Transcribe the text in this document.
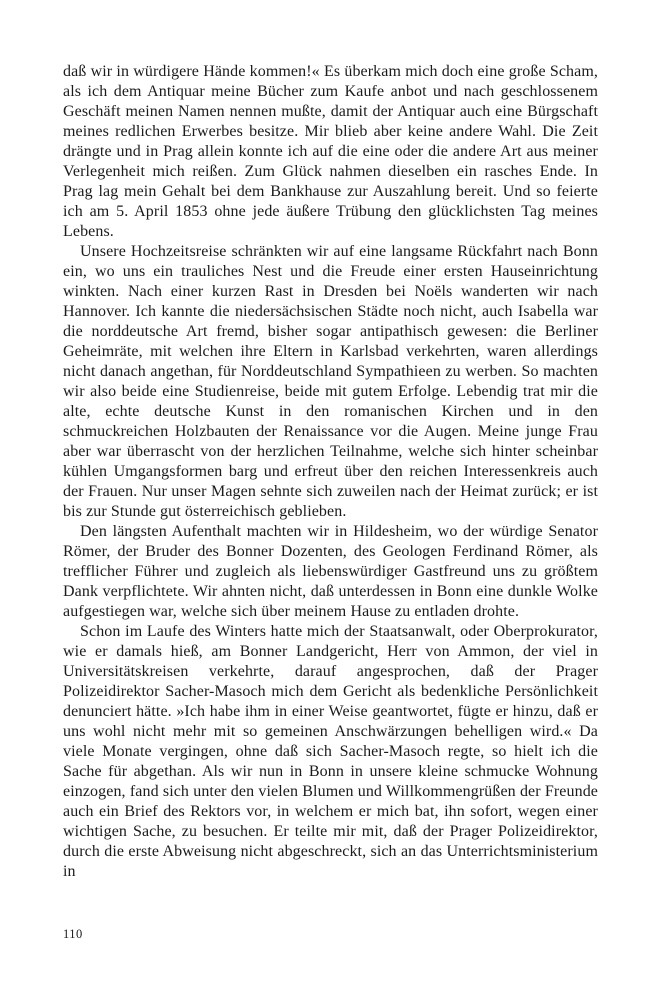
daß wir in würdigere Hände kommen!« Es überkam mich doch eine große Scham, als ich dem Antiquar meine Bücher zum Kaufe anbot und nach geschlossenem Geschäft meinen Namen nennen mußte, damit der Antiquar auch eine Bürgschaft meines redlichen Erwerbes besitze. Mir blieb aber keine andere Wahl. Die Zeit drängte und in Prag allein konnte ich auf die eine oder die andere Art aus meiner Verlegenheit mich reißen. Zum Glück nahmen dieselben ein rasches Ende. In Prag lag mein Gehalt bei dem Bankhause zur Auszahlung bereit. Und so feierte ich am 5. April 1853 ohne jede äußere Trübung den glücklichsten Tag meines Lebens.

Unsere Hochzeitsreise schränkten wir auf eine langsame Rückfahrt nach Bonn ein, wo uns ein trauliches Nest und die Freude einer ersten Hauseinrichtung winkten. Nach einer kurzen Rast in Dresden bei Noëls wanderten wir nach Hannover. Ich kannte die niedersächsischen Städte noch nicht, auch Isabella war die norddeutsche Art fremd, bisher sogar antipathisch gewesen: die Berliner Geheimräte, mit welchen ihre Eltern in Karlsbad verkehrten, waren allerdings nicht danach angethan, für Norddeutschland Sympathieen zu werben. So machten wir also beide eine Studienreise, beide mit gutem Erfolge. Lebendig trat mir die alte, echte deutsche Kunst in den romanischen Kirchen und in den schmuckreichen Holzbauten der Renaissance vor die Augen. Meine junge Frau aber war überrascht von der herzlichen Teilnahme, welche sich hinter scheinbar kühlen Umgangsformen barg und erfreut über den reichen Interessenkreis auch der Frauen. Nur unser Magen sehnte sich zuweilen nach der Heimat zurück; er ist bis zur Stunde gut österreichisch geblieben.

Den längsten Aufenthalt machten wir in Hildesheim, wo der würdige Senator Römer, der Bruder des Bonner Dozenten, des Geologen Ferdinand Römer, als trefflicher Führer und zugleich als liebenswürdiger Gastfreund uns zu größtem Dank verpflichtete. Wir ahnten nicht, daß unterdessen in Bonn eine dunkle Wolke aufgestiegen war, welche sich über meinem Hause zu entladen drohte.

Schon im Laufe des Winters hatte mich der Staatsanwalt, oder Oberprokurator, wie er damals hieß, am Bonner Landgericht, Herr von Ammon, der viel in Universitätskreisen verkehrte, darauf angesprochen, daß der Prager Polizeidirektor Sacher-Masoch mich dem Gericht als bedenkliche Persönlichkeit denunciert hätte. »Ich habe ihm in einer Weise geantwortet, fügte er hinzu, daß er uns wohl nicht mehr mit so gemeinen Anschwärzungen behelligen wird.« Da viele Monate vergingen, ohne daß sich Sacher-Masoch regte, so hielt ich die Sache für abgethan. Als wir nun in Bonn in unsere kleine schmucke Wohnung einzogen, fand sich unter den vielen Blumen und Willkommengrüßen der Freunde auch ein Brief des Rektors vor, in welchem er mich bat, ihn sofort, wegen einer wichtigen Sache, zu besuchen. Er teilte mir mit, daß der Prager Polizeidirektor, durch die erste Abweisung nicht abgeschreckt, sich an das Unterrichtsministerium in

110
